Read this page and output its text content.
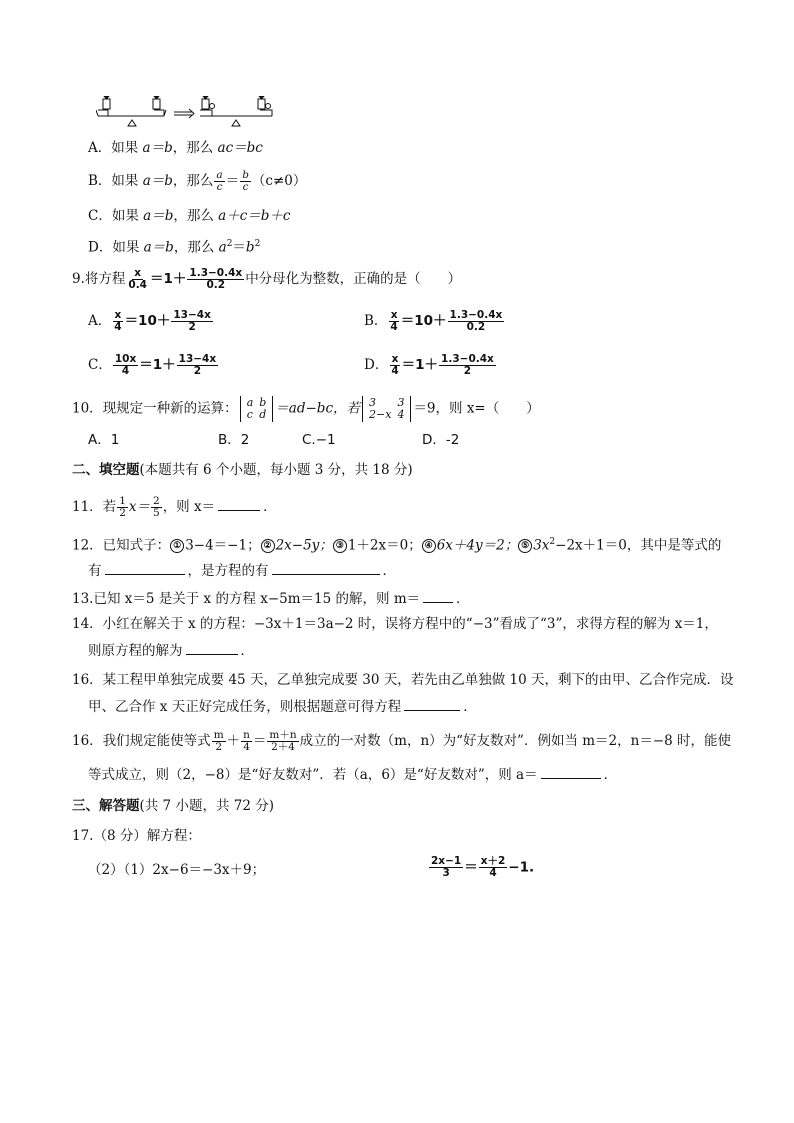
A．如果 a＝b，那么 ac＝bc
B．如果 a＝b，那么 $\frac{a}{c} = \frac{b}{c} (c\ne 0)$
C．如果 a＝b，那么 a＋c＝b＋c
D．如果 a＝b，那么 $a^2=b^2$
9.将方程 $\frac{x}{0.4} =1+ \frac{1.3-0.4x}{0.2}$ 中分母化为整数，正确的是（　　）
A． $\frac{x}{4} =10+ \frac{13-4x}{2}$	B． $\frac{x}{4} =10+ \frac{1.3-0.4x}{0.2}$
C． $\frac{10x}{4} =1+ \frac{13-4x}{2}$	D． $\frac{x}{4} =1+ \frac{1.3-0.4x}{2}$
10．现规定一种新的运算： a
c
b
d ＝ad−bc，若 3
2−x
3
4 ＝9，则 x=（　　）
A．1	B．2	C.−1	D．-2
二、填空题(本题共有 6 个小题，每小题 3 分，共 18 分)
11．若 $\frac{1}{2} x= \frac{2}{5}$ ，则 x＝	．
12．已知式子： ① 3−4＝−1； ② 2x−5y； ③ 1＋2x＝0； ④ 6x＋4y＝2； ⑤ $3x^2-2x+1=0$，其中是等式的
有	，是方程的有	．
13.已知 x＝5 是关于 x 的方程 x−5m＝15 的解，则 m＝	．
14．小红在解关于 x 的方程：−3x＋1＝3a−2 时，误将方程中的“−3”看成了“3”，求得方程的解为 x＝1，
则原方程的解为	．
16．某工程甲单独完成要 45 天，乙单独完成要 30 天，若先由乙单独做 10 天，剩下的由甲、乙合作完成．设
甲、乙合作 x 天正好完成任务，则根据题意可得方程	．
16．我们规定能使等式 $\frac{m}{2} + \frac{n}{4} = \frac{m+n}{2+4}$ 成立的一对数（m，n）为“好友数对”．例如当 m＝2，n＝−8 时，能使
等式成立，则（2，−8）是“好友数对”．若（a，6）是“好友数对”，则 a＝	．
三、解答题(共 7 小题，共 72 分)
17.（8 分）解方程：
（2）（1）2x−6＝−3x＋9；	$\frac{2x-1}{3} = \frac{x+2}{4} -1$.
